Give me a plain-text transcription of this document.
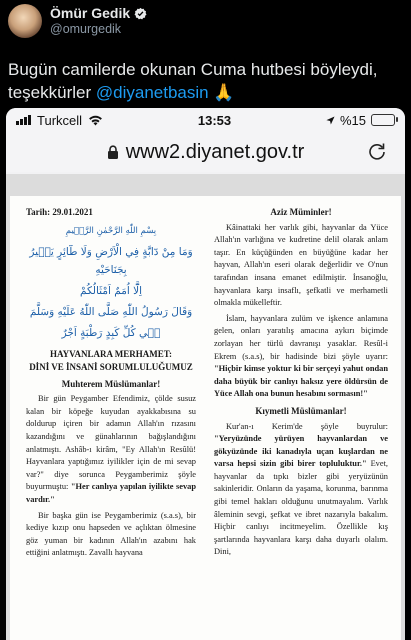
Ömür Gedik
@omurgedik
Bugün camilerde okunan Cuma hutbesi böyleydi,
teşekkürler @diyanetbasin 🙏
Turkcell	13:53	%15
www2.diyanet.gov.tr
Tarih: 29.01.2021
بِسْمِ اللّٰهِ الرَّحْمٰنِ الرَّح۪يمِ
وَمَا مِنْ دَٓابَّةٍ فِي الْاَرْضِ وَلَا طَٓائِرٍ يَط۪يرُ بِجَنَاحَيْهِ
اِلَّٓا اُمَمٌ اَمْثَالُكُمْ
وَقَالَ رَسُولُ اللّٰهِ صَلَّى اللّٰهُ عَلَيْهِ وَسَلَّمَ
ف۪ي كُلِّ كَبِدٍ رَطْبَةٍ اَجْرٌ
HAYVANLARA MERHAMET:
DİNİ VE İNSANİ SORUMLULUĞUMUZ
Muhterem Müslümanlar!

Bir gün Peygamber Efendimiz, çölde susuz kalan bir köpeğe kuyudan ayakkabısına su doldurup içiren bir adamın Allah'ın rızasını kazandığını ve günahlarının bağışlandığını anlatmıştı. Ashâb-ı kirâm, "Ey Allah'ın Resûlü! Hayvanlara yaptığımız iyilikler için de mi sevap var?" diye sorunca Peygamberimiz şöyle buyurmuştu: "Her canlıya yapılan iyilikte sevap vardır."

Bir başka gün ise Peygamberimiz (s.a.s), bir kediye kızıp onu hapseden ve açlıktan ölmesine göz yuman bir kadının Allah'ın azabını hak ettiğini anlatmıştı. Zavallı hayvana

Aziz Müminler!

Kâinattaki her varlık gibi, hayvanlar da Yüce Allah'ın varlığına ve kudretine delil olarak anlam taşır. En küçüğünden en büyüğüne kadar her hayvan, Allah'ın eseri olarak değerlidir ve O'nun tarafından insana emanet edilmiştir. İnsanoğlu, hayvanlara karşı insaflı, şefkatli ve merhametli olmakla mükelleftir.

İslam, hayvanlara zulüm ve işkence anlamına gelen, onları yaratılış amacına aykırı biçimde zorlayan her türlü davranışı yasaklar. Resûl-i Ekrem (s.a.s), bir hadisinde bizi şöyle uyarır: "Hiçbir kimse yoktur ki bir serçeyi yahut ondan daha büyük bir canlıyı haksız yere öldürsün de Yüce Allah ona bunun hesabını sormasın!"

Kıymetli Müslümanlar!

Kur'an-ı Kerim'de şöyle buyrulur: "Yeryüzünde yürüyen hayvanlardan ve gökyüzünde iki kanadıyla uçan kuşlardan ne varsa hepsi sizin gibi birer topluluktur." Evet, hayvanlar da tıpkı bizler gibi yeryüzünün sakinleridir. Onların da yaşama, korunma, barınma gibi temel hakları olduğunu unutmayalım. Varlık âleminin sevgi, şefkat ve ibret nazarıyla bakalım. Hiçbir canlıyı incitmeyelim. Özellikle kış şartlarında hayvanlara karşı daha duyarlı olalım. Dini,
